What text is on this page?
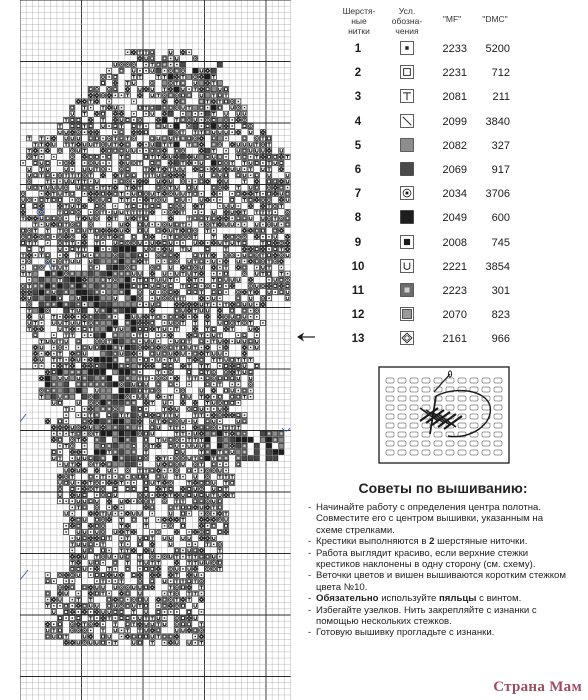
Шерстя-
ные
нитки
Усл.
обозна-
чения
"MF"	"DMC"
1	2233	5200
2	2231	712
3	2081	211
4	2099	3840
5	2082	327
6	2069	917
7	2034	3706
8	2049	600
9	2008	745
10	2221	3854
11	2223	301
12	2070	823
13	2161	966
Советы по вышиванию:
- Начинайте работу с определения центра полотна. Совместите его с центром вышивки, указанным на схеме стрелками.
- Крестики выполняются в 2 шерстяные ниточки.
- Работа выглядит красиво, если верхние стежки крестиков наклонены в одну сторону (см. схему).
- Веточки цветов и вишен вышиваются коротким стежком цвета №10.
- Обязательно используйте пяльцы с винтом.
- Избегайте узелков. Нить закрепляйте с изнанки с помощью нескольких стежков.
- Готовую вышивку прогладьте с изнанки.
Страна Мам
